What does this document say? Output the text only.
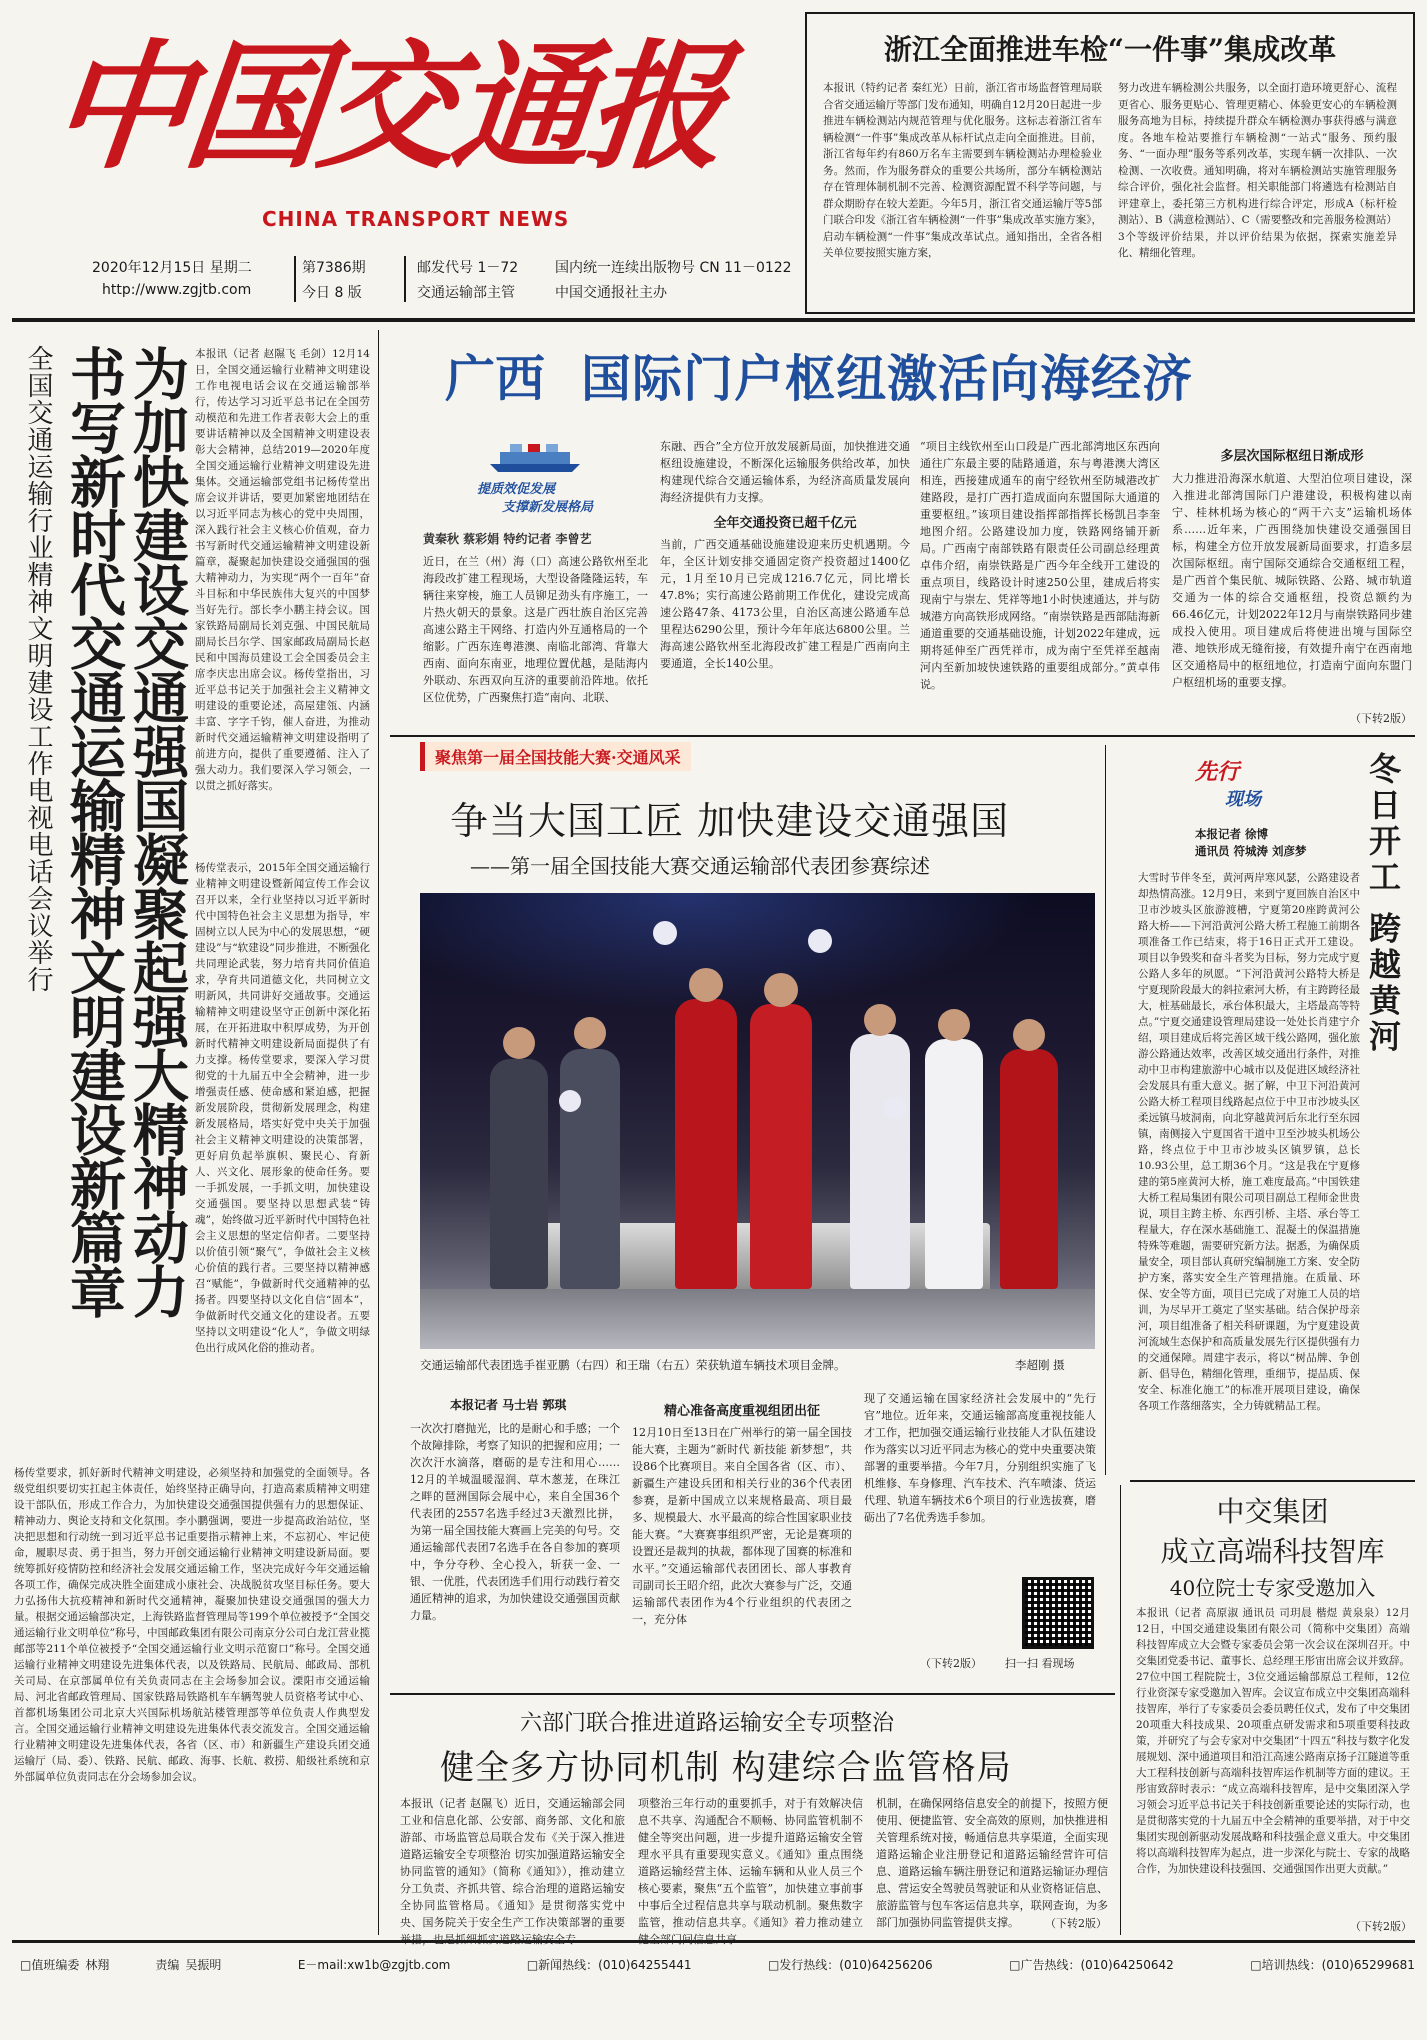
中国交通报
CHINA TRANSPORT NEWS
2020年12月15日 星期二
http://www.zgjtb.com
第7386期
今日 8 版
邮发代号 1－72	国内统一连续出版物号 CN 11－0122
交通运输部主管	中国交通报社主办
浙江全面推进车检“一件事”集成改革
本报讯（特约记者 秦红光）日前，浙江省市场监督管理局联合省交通运输厅等部门发布通知，明确自12月20日起进一步推进车辆检测站内规范管理与优化服务。这标志着浙江省车辆检测“一件事”集成改革从标杆试点走向全面推进。目前，浙江省每年约有860万名车主需要到车辆检测站办理检验业务。然而，作为服务群众的重要公共场所，部分车辆检测站存在管理体制机制不完善、检测资源配置不科学等问题，与群众期盼存在较大差距。今年5月，浙江省交通运输厅等5部门联合印发《浙江省车辆检测“一件事”集成改革实施方案》，启动车辆检测“一件事”集成改革试点。通知指出，全省各相关单位要按照实施方案，
努力改进车辆检测公共服务，以全面打造环境更舒心、流程更省心、服务更贴心、管理更精心、体验更安心的车辆检测服务高地为目标，持续提升群众车辆检测办事获得感与满意度。各地车检站要推行车辆检测“一站式”服务、预约服务、“一面办理”服务等系列改革，实现车辆一次排队、一次检测、一次收费。通知明确，将对车辆检测站实施管理服务综合评价，强化社会监督。相关职能部门将遴选有检测站自评建章上，委托第三方机构进行综合评定，形成A（标杆检测站）、B（满意检测站）、C（需要整改和完善服务检测站）3个等级评价结果，并以评价结果为依据，探索实施差异化、精细化管理。
全国交通运输行业精神文明建设工作电视电话会议举行 书写新时代交通运输精神文明建设新篇章
为加快建设交通强国凝聚起强大精神动力 本报讯（记者 赵隰飞 毛剑）12月14日，全国交通运输行业精神文明建设工作电视电话会议在交通运输部举行，传达学习习近平总书记在全国劳动模范和先进工作者表彰大会上的重要讲话精神以及全国精神文明建设表彰大会精神，总结2019—2020年度全国交通运输行业精神文明建设先进集体。交通运输部党组书记杨传堂出席会议并讲话，要更加紧密地团结在以习近平同志为核心的党中央周围，深入践行社会主义核心价值观，奋力书写新时代交通运输精神文明建设新篇章，凝聚起加快建设交通强国的强大精神动力，为实现“两个一百年”奋斗目标和中华民族伟大复兴的中国梦当好先行。部长李小鹏主持会议。国家铁路局副局长刘克强、中国民航局副局长吕尔学、国家邮政局副局长赵民和中国海员建设工会全国委员会主席李庆忠出席会议。杨传堂指出，习近平总书记关于加强社会主义精神文明建设的重要论述，高屋建瓴、内涵丰富、字字千钧，催人奋进，为推动新时代交通运输精神文明建设指明了前进方向，提供了重要遵循、注入了强大动力。我们要深入学习领会，一以贯之抓好落实。
杨传堂表示，2015年全国交通运输行业精神文明建设暨新闻宣传工作会议召开以来，全行业坚持以习近平新时代中国特色社会主义思想为指导，牢固树立以人民为中心的发展思想，“硬建设”与“软建设”同步推进，不断强化共同理论武装，努力培育共同价值追求，孕育共同道德文化，共同树立文明新风，共同讲好交通故事。交通运输精神文明建设坚守正创新中深化拓展，在开拓进取中积厚成势，为开创新时代精神文明建设新局面提供了有力支撑。杨传堂要求，要深入学习贯彻党的十九届五中全会精神，进一步增强责任感、使命感和紧迫感，把握新发展阶段，贯彻新发展理念，构建新发展格局，塔实好党中央关于加强社会主义精神文明建设的决策部署，更好肩负起举旗帜、聚民心、育新人、兴文化、展形象的使命任务。要一手抓发展，一手抓文明，加快建设交通强国。要坚持以思想武装“铸魂”，始终做习近平新时代中国特色社会主义思想的坚定信仰者。二要坚持以价值引领“聚气”，争做社会主义核心价值的践行者。三要坚持以精神感召“赋能”，争做新时代交通精神的弘扬者。四要坚持以文化自信“固本”，争做新时代交通文化的建设者。五要坚持以文明建设“化人”，争做文明绿色出行成风化俗的推动者。
杨传堂要求，抓好新时代精神文明建设，必须坚持和加强党的全面领导。各级党组织要切实扛起主体责任，始终坚持正确导向，打造高素质精神文明建设干部队伍，形成工作合力，为加快建设交通强国提供强有力的思想保证、精神动力、舆论支持和文化氛围。李小鹏强调，要进一步提高政治站位，坚决把思想和行动统一到习近平总书记重要指示精神上来，不忘初心、牢记使命，履职尽责、勇于担当，努力开创交通运输行业精神文明建设新局面。要统筹抓好疫情防控和经济社会发展交通运输工作，坚决完成好今年交通运输各项工作，确保完成决胜全面建成小康社会、决战脱贫攻坚目标任务。要大力弘扬伟大抗疫精神和新时代交通精神，凝聚加快建设交通强国的强大力量。根据交通运输部决定，上海铁路监督管理局等199个单位被授予“全国交通运输行业文明单位”称号，中国邮政集团有限公司南京分公司白龙江营业揽邮部等211个单位被授予“全国交通运输行业文明示范窗口”称号。全国交通运输行业精神文明建设先进集体代表，以及铁路局、民航局、邮政局、部机关司局、在京部属单位有关负责同志在主会场参加会议。溧阳市交通运输局、河北省邮政管理局、国家铁路局铁路机车车辆驾驶人员资格考试中心、首都机场集团公司北京大兴国际机场航站楼管理部等单位负责人作典型发言。全国交通运输行业精神文明建设先进集体代表交流发言。全国交通运输行业精神文明建设先进集体代表，各省（区、市）和新疆生产建设兵团交通运输厅（局、委）、铁路、民航、邮政、海事、长航、救捞、船级社系统和京外部属单位负责同志在分会场参加会议。
广西 国际门户枢纽激活向海经济
提质效促发展
支撑新发展格局
黄秦秋 蔡彩娟 特约记者 李曾艺
近日，在兰（州）海（口）高速公路钦州至北海段改扩建工程现场，大型设备隆隆运转，车辆往来穿梭，施工人员铆足劲头有序施工，一片热火朝天的景象。这是广西壮族自治区完善高速公路主干网络、打造内外互通格局的一个缩影。广西东连粤港澳、南临北部湾、背靠大西南、面向东南亚，地理位置优越，是陆海内外联动、东西双向互济的重要前沿阵地。依托区位优势，广西聚焦打造“南向、北联、
东融、西合”全方位开放发展新局面，加快推进交通枢纽设施建设，不断深化运输服务供给改革，加快构建现代综合交通运输体系，为经济高质量发展向海经济提供有力支撑。
全年交通投资已超千亿元
当前，广西交通基础设施建设迎来历史机遇期。今年，全区计划安排交通固定资产投资超过1400亿元，1月至10月已完成1216.7亿元，同比增长47.8%；实行高速公路前期工作优化，建设完成高速公路47条、4173公里，自治区高速公路通车总里程达6290公里，预计今年年底达6800公里。兰海高速公路钦州至北海段改扩建工程是广西南向主要通道，全长140公里。
“项目主线钦州至山口段是广西北部湾地区东西向通往广东最主要的陆路通道，东与粤港澳大湾区相连，西接建成通车的南宁经钦州至防城港改扩建路段，是打广西打造成面向东盟国际大通道的重要枢纽。”该项目建设指挥部指挥长杨凯吕李奎地图介绍。公路建设加力度，铁路网络铺开新局。广西南宁南部铁路有限责任公司副总经理黄卓伟介绍，南崇铁路是广西今年全线开工建设的重点项目，线路设计时速250公里，建成后将实现南宁与崇左、凭祥等地1小时快速通达，并与防城港方向高铁形成网络。“南崇铁路是西部陆海新通道重要的交通基础设施，计划2022年建成，远期将延伸至广西凭祥市，成为南宁至凭祥至越南河内至新加坡快速铁路的重要组成部分。”黄卓伟说。
多层次国际枢纽日渐成形
大力推进沿海深水航道、大型泊位项目建设，深入推进北部湾国际门户港建设，积极构建以南宁、桂林机场为核心的“两干六支”运输机场体系……近年来，广西围绕加快建设交通强国目标，构建全方位开放发展新局面要求，打造多层次国际枢纽。南宁国际交通综合交通枢纽工程，是广西首个集民航、城际铁路、公路、城市轨道交通为一体的综合交通枢纽，投资总额约为66.46亿元，计划2022年12月与南崇铁路同步建成投入使用。项目建成后将使进出境与国际空港、地铁形成无缝衔接，有效提升南宁在西南地区交通格局中的枢纽地位，打造南宁面向东盟门户枢纽机场的重要支撑。
（下转2版）
聚焦第一届全国技能大赛·交通风采
争当大国工匠 加快建设交通强国
——第一届全国技能大赛交通运输部代表团参赛综述
交通运输部代表团选手崔亚鹏（右四）和王瑞（右五）荣获轨道车辆技术项目金牌。	李超刚 摄
本报记者 马士岩 郭琪
一次次打磨抛光，比的是耐心和手感；一个个故障排除，考察了知识的把握和应用；一次次汗水滴落，磨砺的是专注和用心……12月的羊城温暖湿润、草木葱茏，在珠江之畔的琶洲国际会展中心，来自全国36个代表团的2557名选手经过3天激烈比拼，为第一届全国技能大赛画上完美的句号。交通运输部代表团7名选手在各自参加的赛项中，争分夺秒、全心投入，斩获一金、一银、一优胜，代表团选手们用行动践行着交通匠精神的追求，为加快建设交通强国贡献力量。
精心准备高度重视组团出征
12月10日至13日在广州举行的第一届全国技能大赛，主题为“新时代 新技能 新梦想”，共设86个比赛项目。来自全国各省（区、市）、新疆生产建设兵团和相关行业的36个代表团参赛，是新中国成立以来规格最高、项目最多、规模最大、水平最高的综合性国家职业技能大赛。“大赛赛事组织严密，无论是赛项的设置还是裁判的执裁，都体现了国赛的标准和水平。”交通运输部代表团团长、部人事教育司副司长王昭介绍，此次大赛参与广泛，交通运输部代表团作为4个行业组织的代表团之一，充分体
现了交通运输在国家经济社会发展中的“先行官”地位。近年来，交通运输部高度重视技能人才工作，把加强交通运输行业技能人才队伍建设作为落实以习近平同志为核心的党中央重要决策部署的重要举措。今年7月，分别组织实施了飞机维修、车身修理、汽车技术、汽车喷漆、货运代理、轨道车辆技术6个项目的行业选拔赛，磨砺出了7名优秀选手参加。
（下转2版） 扫一扫 看现场
先行
现场	冬日开工 跨越黄河
本报记者 徐博
通讯员 符城涛 刘彦梦
大雪时节伴冬至，黄河两岸寒风瑟，公路建设者却热情高涨。12月9日，来到宁夏回族自治区中卫市沙坡头区旅游渡槽，宁夏第20座跨黄河公路大桥——下河沿黄河公路大桥工程施工前期各项准备工作已结束，将于16日正式开工建设。项目以争毁奖和奋斗者奖为目标，努力完成宁夏公路人多年的夙愿。“下河沿黄河公路特大桥是宁夏现阶段最大的斜拉索河大桥，有主跨跨径最大，桩基础最长，承台体积最大，主塔最高等特点。”宁夏交通建设管理局建设一处处长肖建宁介绍，项目建成后将完善区域干线公路网，强化旅游公路通达效率，改善区域交通出行条件，对推动中卫市构建旅游中心城市以及促进区域经济社会发展具有重大意义。据了解，中卫下河沿黄河公路大桥工程项目线路起点位于中卫市沙坡头区柔远镇马坡洞南，向北穿越黄河后东北行至东园镇，南侧接入宁夏国省干道中卫至沙坡头机场公路，终点位于中卫市沙坡头区镇罗镇，总长10.93公里，总工期36个月。“这是我在宁夏修建的第5座黄河大桥，施工难度最高。”中国铁建大桥工程局集团有限公司项目副总工程师金世贵说，项目主跨主桥、东西引桥、主塔、承台等工程量大，存在深水基础施工、混凝土的保温措施特殊等难题，需要研究新方法。据悉，为确保质量安全，项目部认真研究编制施工方案、安全防护方案，落实安全生产管理措施。在质量、环保、安全等方面，项目已完成了对施工人员的培训，为尽早开工奠定了坚实基础。结合保护母亲河，项目组准备了相关科研课题，为宁夏建设黄河流域生态保护和高质量发展先行区提供强有力的交通保障。周建宇表示，将以“树品牌、争创新、倡导色，精细化管理，重细节，提品质、保安全、标准化施工”的标准开展项目建设，确保各项工作落细落实，全力铸就精品工程。
中交集团
成立高端科技智库
40位院士专家受邀加入
本报讯（记者 高原淑 通讯员 司玥晨 楷煜 黄泉泉）12月12日，中国交通建设集团有限公司（简称中交集团）高端科技智库成立大会暨专家委员会第一次会议在深圳召开。中交集团党委书记、董事长、总经理王彤宙出席会议并致辞。27位中国工程院院士，3位交通运输部原总工程师，12位行业资深专家受邀加入智库。会议宣布成立中交集团高端科技智库，举行了专家委员会委员聘任仪式，发布了中交集团20项重大科技成果、20项重点研发需求和5项重要科技政策，并研究了与会专家对中交集团“十四五”科技与数字化发展规划、深中通道项目和沿江高速公路南京扬子江隧道等重大工程科技创新与高端科技智库运作机制等方面的建议。王彤宙致辞时表示：“成立高端科技智库，是中交集团深入学习领会习近平总书记关于科技创新重要论述的实际行动，也是贯彻落实党的十九届五中全会精神的重要举措，对于中交集团实现创新驱动发展战略和科技强企意义重大。中交集团将以高端科技智库为起点，进一步深化与院士、专家的战略合作，为加快建设科技强国、交通强国作出更大贡献。”
（下转2版）
六部门联合推进道路运输安全专项整治
健全多方协同机制 构建综合监管格局
本报讯（记者 赵隰飞）近日，交通运输部会同工业和信息化部、公安部、商务部、文化和旅游部、市场监管总局联合发布《关于深入推进道路运输安全专项整治 切实加强道路运输安全协同监管的通知》（简称《通知》），推动建立分工负责、齐抓共管、综合治理的道路运输安全协同监管格局。《通知》是贯彻落实党中央、国务院关于安全生产工作决策部署的重要
项整治三年行动的重要抓手，对于有效解决信息不共享、沟通配合不顺畅、协同监管机制不健全等突出问题，进一步提升道路运输安全管理水平具有重要现实意义。《通知》重点围绕道路运输经营主体、运输车辆和从业人员三个核心要素，聚焦“五个监管”，加快建立事前事中事后全过程信息共享与联动机制。聚焦数字监管，推动信息共享。《通知》着力推动建立
机制，在确保网络信息安全的前提下，按照方便使用、便捷监管、安全高效的原则，加快推进相关管理系统对接，畅通信息共享渠道，全面实现道路运输企业注册登记和道路运输经营许可信息、道路运输车辆注册登记和道路运输证办理信息、营运安全驾驶员驾驶证和从业资格证信息、旅游监管与包车客运信息共享，联网查询，为多部门加强协同监管提供支撑。	（下转2版）
□值班编委 林翔	责编 吴振明	E－mail:xw1b@zgjtb.com	□新闻热线：(010)64255441	□发行热线：(010)64256206	□广告热线：(010)64250642	□培训热线：(010)65299681
